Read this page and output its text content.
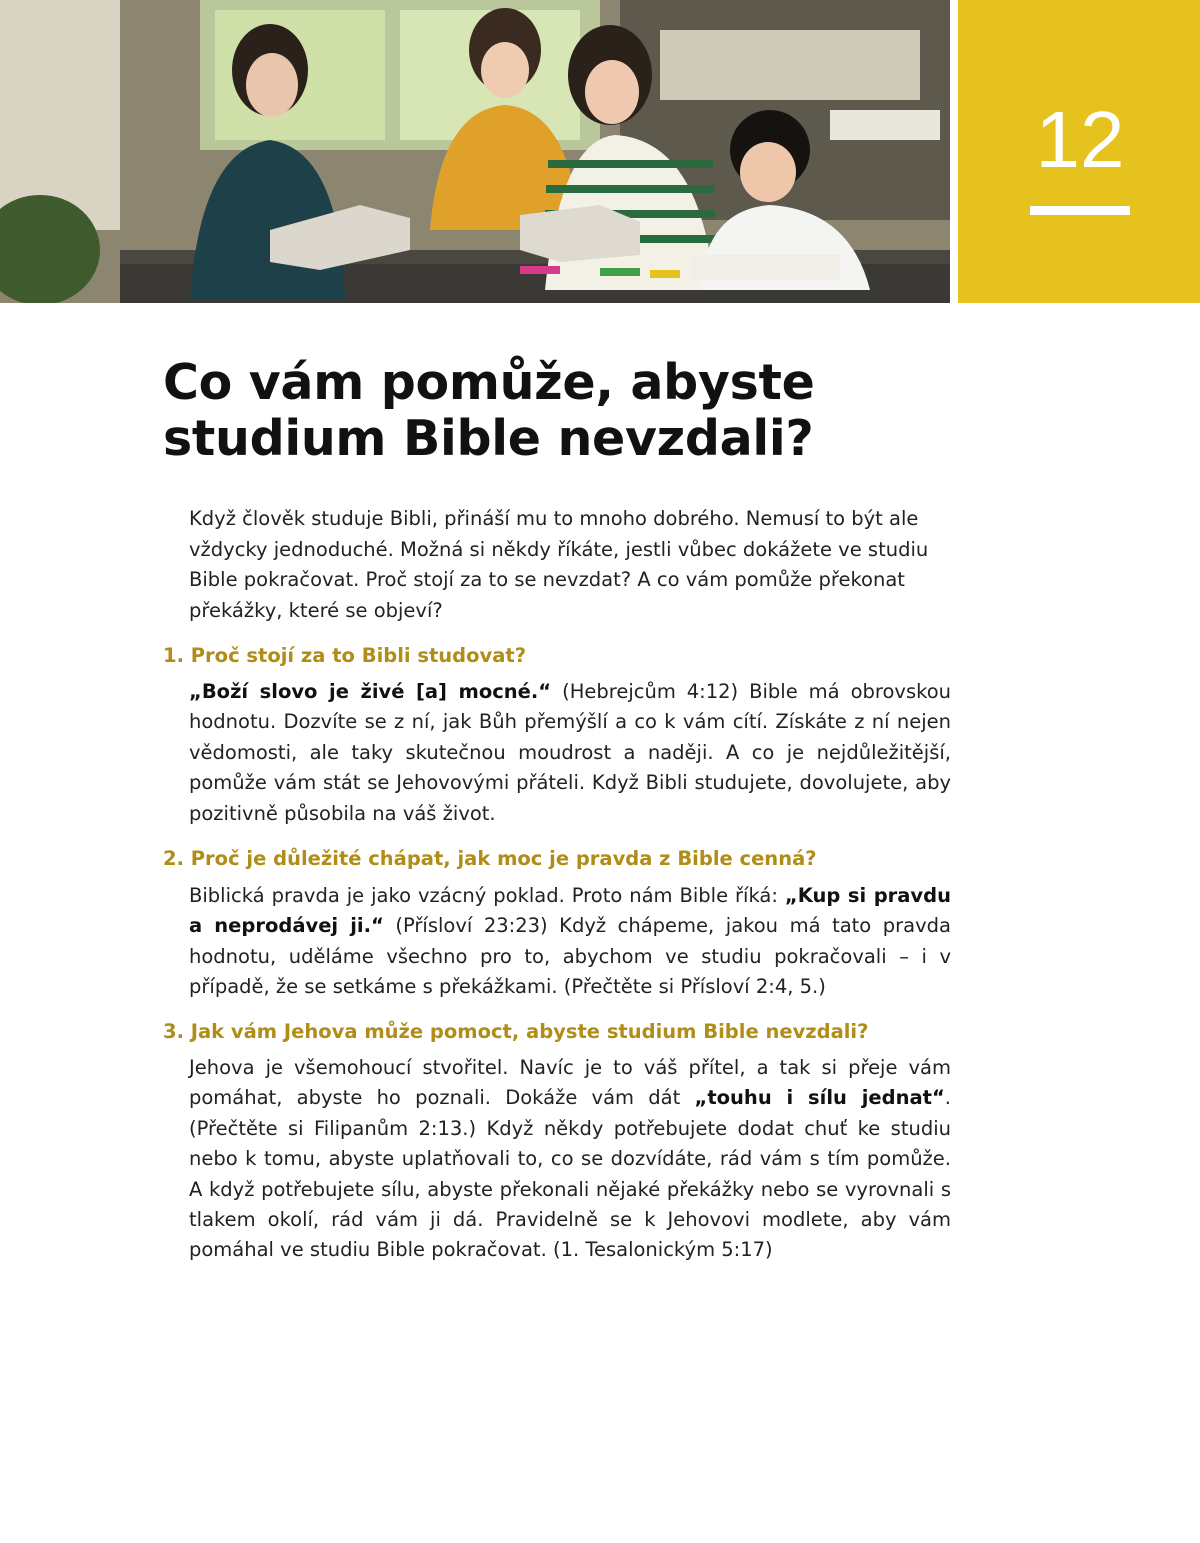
12
Co vám pomůže, abyste studium Bible nevzdali?

Když člověk studuje Bibli, přináší mu to mnoho dobrého. Nemusí to být ale vždycky jednoduché. Možná si někdy říkáte, jestli vůbec dokážete ve studiu Bible pokračovat. Proč stojí za to se nevzdat? A co vám pomůže překonat překážky, které se objeví?

1. Proč stojí za to Bibli studovat?

„Boží slovo je živé [a] mocné.“ (Hebrejcům 4:12) Bible má obrovskou hodnotu. Dozvíte se z ní, jak Bůh přemýšlí a co k vám cítí. Získáte z ní nejen vědomosti, ale taky skutečnou moudrost a naději. A co je nejdůležitější, pomůže vám stát se Jehovovými přáteli. Když Bibli studujete, dovolujete, aby pozitivně působila na váš život.

2. Proč je důležité chápat, jak moc je pravda z Bible cenná?

Biblická pravda je jako vzácný poklad. Proto nám Bible říká: „Kup si pravdu a neprodávej ji.“ (Přísloví 23:23) Když chápeme, jakou má tato pravda hodnotu, uděláme všechno pro to, abychom ve studiu pokračovali – i v případě, že se setkáme s překážkami. (Přečtěte si Přísloví 2:4, 5.)

3. Jak vám Jehova může pomoct, abyste studium Bible nevzdali?

Jehova je všemohoucí stvořitel. Navíc je to váš přítel, a tak si přeje vám pomáhat, abyste ho poznali. Dokáže vám dát „touhu i sílu jednat“. (Přečtěte si Filipanům 2:13.) Když někdy potřebujete dodat chuť ke studiu nebo k tomu, abyste uplatňovali to, co se dozvídáte, rád vám s tím pomůže. A když potřebujete sílu, abyste překonali nějaké překážky nebo se vyrovnali s tlakem okolí, rád vám ji dá. Pravidelně se k Jehovovi modlete, aby vám pomáhal ve studiu Bible pokračovat. (1. Tesalonickým 5:17)
